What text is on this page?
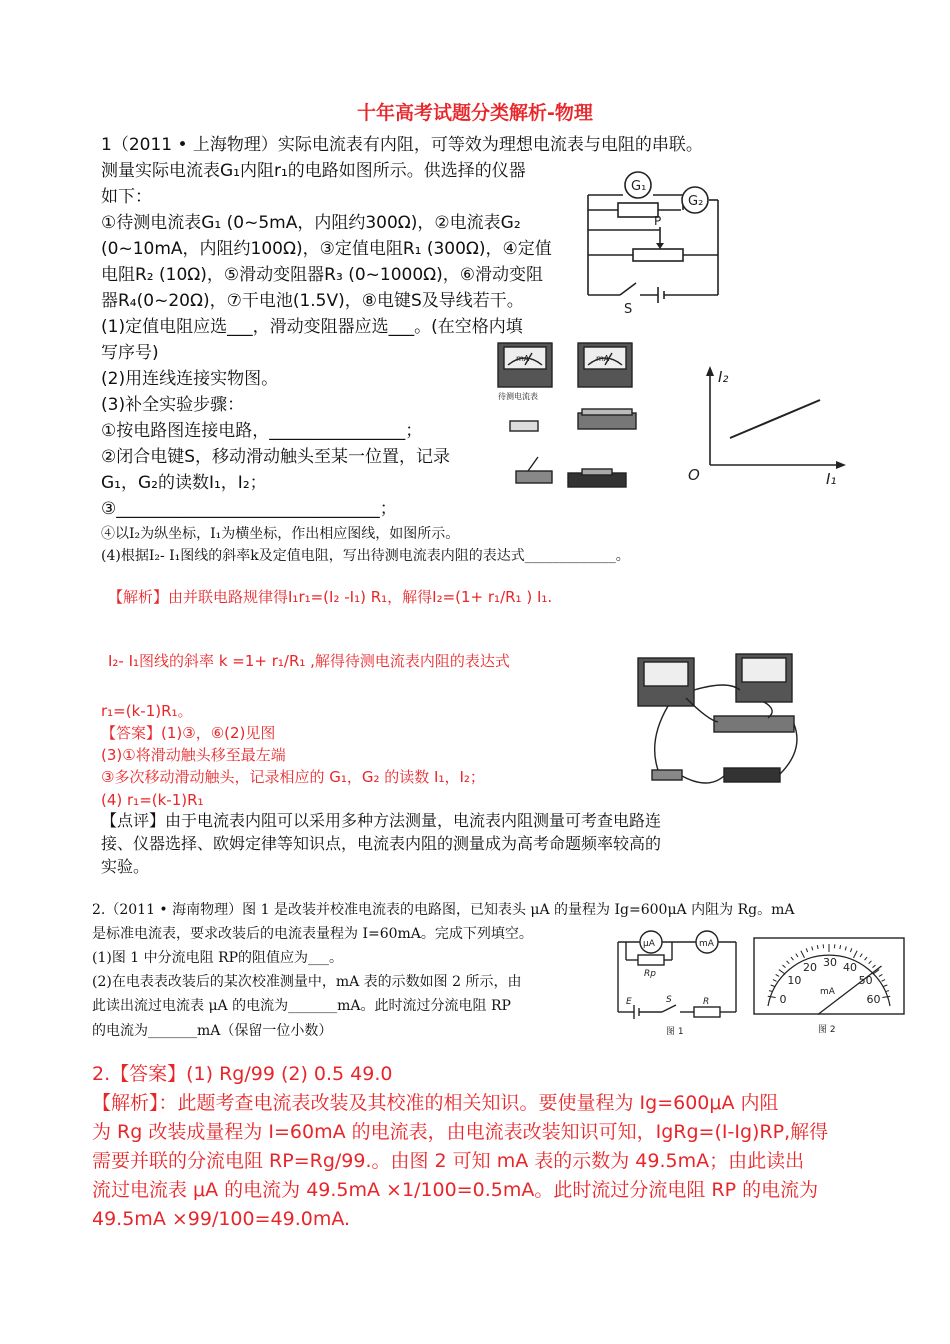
十年高考试题分类解析-物理
1（2011 • 上海物理）实际电流表有内阻，可等效为理想电流表与电阻的串联。
测量实际电流表G₁内阻r₁的电路如图所示。供选择的仪器
如下：
①待测电流表G₁ (0~5mA，内阻约300Ω)，②电流表G₂
(0~10mA，内阻约100Ω)，③定值电阻R₁ (300Ω)，④定值
电阻R₂ (10Ω)，⑤滑动变阻器R₃ (0~1000Ω)，⑥滑动变阻
器R₄(0~20Ω)，⑦干电池(1.5V)，⑧电键S及导线若干。
(1)定值电阻应选___，滑动变阻器应选___。(在空格内填
写序号)
(2)用连线连接实物图。
(3)补全实验步骤：
①按电路图连接电路，________________；
②闭合电键S，移动滑动触头至某一位置，记录
G₁，G₂的读数I₁，I₂；
③_______________________________；
G₁
G₂
P
S
mA	mA
待测电流表
I₂
I₁
O
④以I₂为纵坐标，I₁为横坐标，作出相应图线，如图所示。
(4)根据I₂- I₁图线的斜率k及定值电阻，写出待测电流表内阻的表达式_____________。
【解析】由并联电路规律得I₁r₁=(I₂ -I₁) R₁，解得I₂=(1+ r₁/R₁ ) I₁.
I₂- I₁图线的斜率 k =1+ r₁/R₁ ,解得待测电流表内阻的表达式
r₁=(k-1)R₁。
【答案】(1)③，⑥(2)见图
(3)①将滑动触头移至最左端
③多次移动滑动触头，记录相应的 G₁，G₂ 的读数 I₁，I₂；
(4) r₁=(k-1)R₁
【点评】由于电流表内阻可以采用多种方法测量，电流表内阻测量可考查电路连
接、仪器选择、欧姆定律等知识点，电流表内阻的测量成为高考命题频率较高的
实验。
2.（2011 • 海南物理）图 1 是改装并校准电流表的电路图，已知表头 μA 的量程为 Ig=600μA 内阻为 Rg。mA
是标准电流表，要求改装后的电流表量程为 I=60mA。完成下列填空。
(1)图 1 中分流电阻 RP的阻值应为___。
(2)在电表表改装后的某次校准测量中，mA 表的示数如图 2 所示，由
此读出流过电流表 μA 的电流为_______mA。此时流过分流电阻 RP
的电流为_______mA（保留一位小数）
μA	mA
Rp
E	S	R
图 1
0
10
20 30 40
50
60
mA
图 2
2.【答案】(1) Rg/99 (2) 0.5 49.0
【解析】：此题考查电流表改装及其校准的相关知识。要使量程为 Ig=600μA 内阻
为 Rg 改装成量程为 I=60mA 的电流表，由电流表改装知识可知，IgRg=(I-Ig)RP,解得
需要并联的分流电阻 RP=Rg/99.。由图 2 可知 mA 表的示数为 49.5mA；由此读出
流过电流表 μA 的电流为 49.5mA ×1/100=0.5mA。此时流过分流电阻 RP 的电流为
49.5mA ×99/100=49.0mA.
